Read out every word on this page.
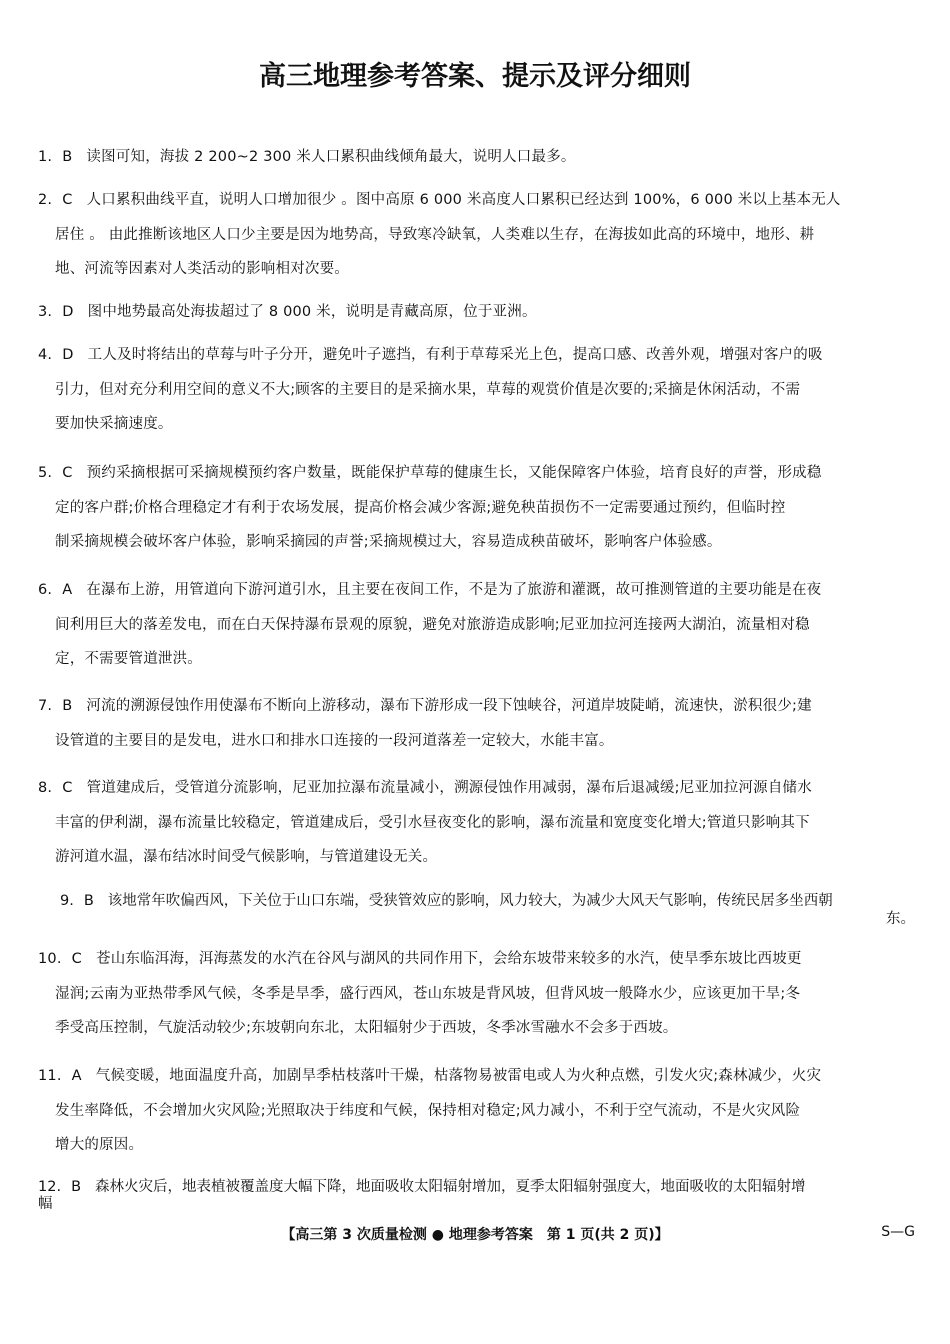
高三地理参考答案、提示及评分细则
1. B 读图可知，海拔 2 200~2 300 米人口累积曲线倾角最大，说明人口最多。
2. C 人口累积曲线平直，说明人口增加很少 。图中高原 6 000 米高度人口累积已经达到 100%，6 000 米以上基本无人
居住 。 由此推断该地区人口少主要是因为地势高，导致寒冷缺氧，人类难以生存，在海拔如此高的环境中，地形、耕
地、河流等因素对人类活动的影响相对次要。
3. D 图中地势最高处海拔超过了 8 000 米，说明是青藏高原，位于亚洲。
4. D 工人及时将结出的草莓与叶子分开，避免叶子遮挡，有利于草莓采光上色，提高口感、改善外观，增强对客户的吸
引力，但对充分利用空间的意义不大;顾客的主要目的是采摘水果，草莓的观赏价值是次要的;采摘是休闲活动，不需
要加快采摘速度。
5. C 预约采摘根据可采摘规模预约客户数量，既能保护草莓的健康生长，又能保障客户体验，培育良好的声誉，形成稳
定的客户群;价格合理稳定才有利于农场发展，提高价格会减少客源;避免秧苗损伤不一定需要通过预约，但临时控
制采摘规模会破坏客户体验，影响采摘园的声誉;采摘规模过大，容易造成秧苗破坏，影响客户体验感。
6. A 在瀑布上游，用管道向下游河道引水，且主要在夜间工作，不是为了旅游和灌溉，故可推测管道的主要功能是在夜
间利用巨大的落差发电，而在白天保持瀑布景观的原貌，避免对旅游造成影响;尼亚加拉河连接两大湖泊，流量相对稳
定，不需要管道泄洪。
7. B 河流的溯源侵蚀作用使瀑布不断向上游移动，瀑布下游形成一段下蚀峡谷，河道岸坡陡峭，流速快，淤积很少;建
设管道的主要目的是发电，进水口和排水口连接的一段河道落差一定较大，水能丰富。
8. C 管道建成后，受管道分流影响，尼亚加拉瀑布流量减小，溯源侵蚀作用减弱，瀑布后退减缓;尼亚加拉河源自储水
丰富的伊利湖，瀑布流量比较稳定，管道建成后，受引水昼夜变化的影响，瀑布流量和宽度变化增大;管道只影响其下
游河道水温，瀑布结冰时间受气候影响，与管道建设无关。
9. B 该地常年吹偏西风，下关位于山口东端，受狭管效应的影响，风力较大，为减少大风天气影响，传统民居多坐西朝
东。
10. C 苍山东临洱海，洱海蒸发的水汽在谷风与湖风的共同作用下，会给东坡带来较多的水汽，使旱季东坡比西坡更
湿润;云南为亚热带季风气候，冬季是旱季，盛行西风，苍山东坡是背风坡，但背风坡一般降水少，应该更加干旱;冬
季受高压控制，气旋活动较少;东坡朝向东北，太阳辐射少于西坡，冬季冰雪融水不会多于西坡。
11. A 气候变暖，地面温度升高，加剧旱季枯枝落叶干燥，枯落物易被雷电或人为火种点燃，引发火灾;森林减少，火灾
发生率降低，不会增加火灾风险;光照取决于纬度和气候，保持相对稳定;风力减小，不利于空气流动，不是火灾风险
增大的原因。
12. B 森林火灾后，地表植被覆盖度大幅下降，地面吸收太阳辐射增加，夏季太阳辐射强度大，地面吸收的太阳辐射增
幅
【高三第 3 次质量检测 ● 地理参考答案　第 1 页(共 2 页)】	S—G
